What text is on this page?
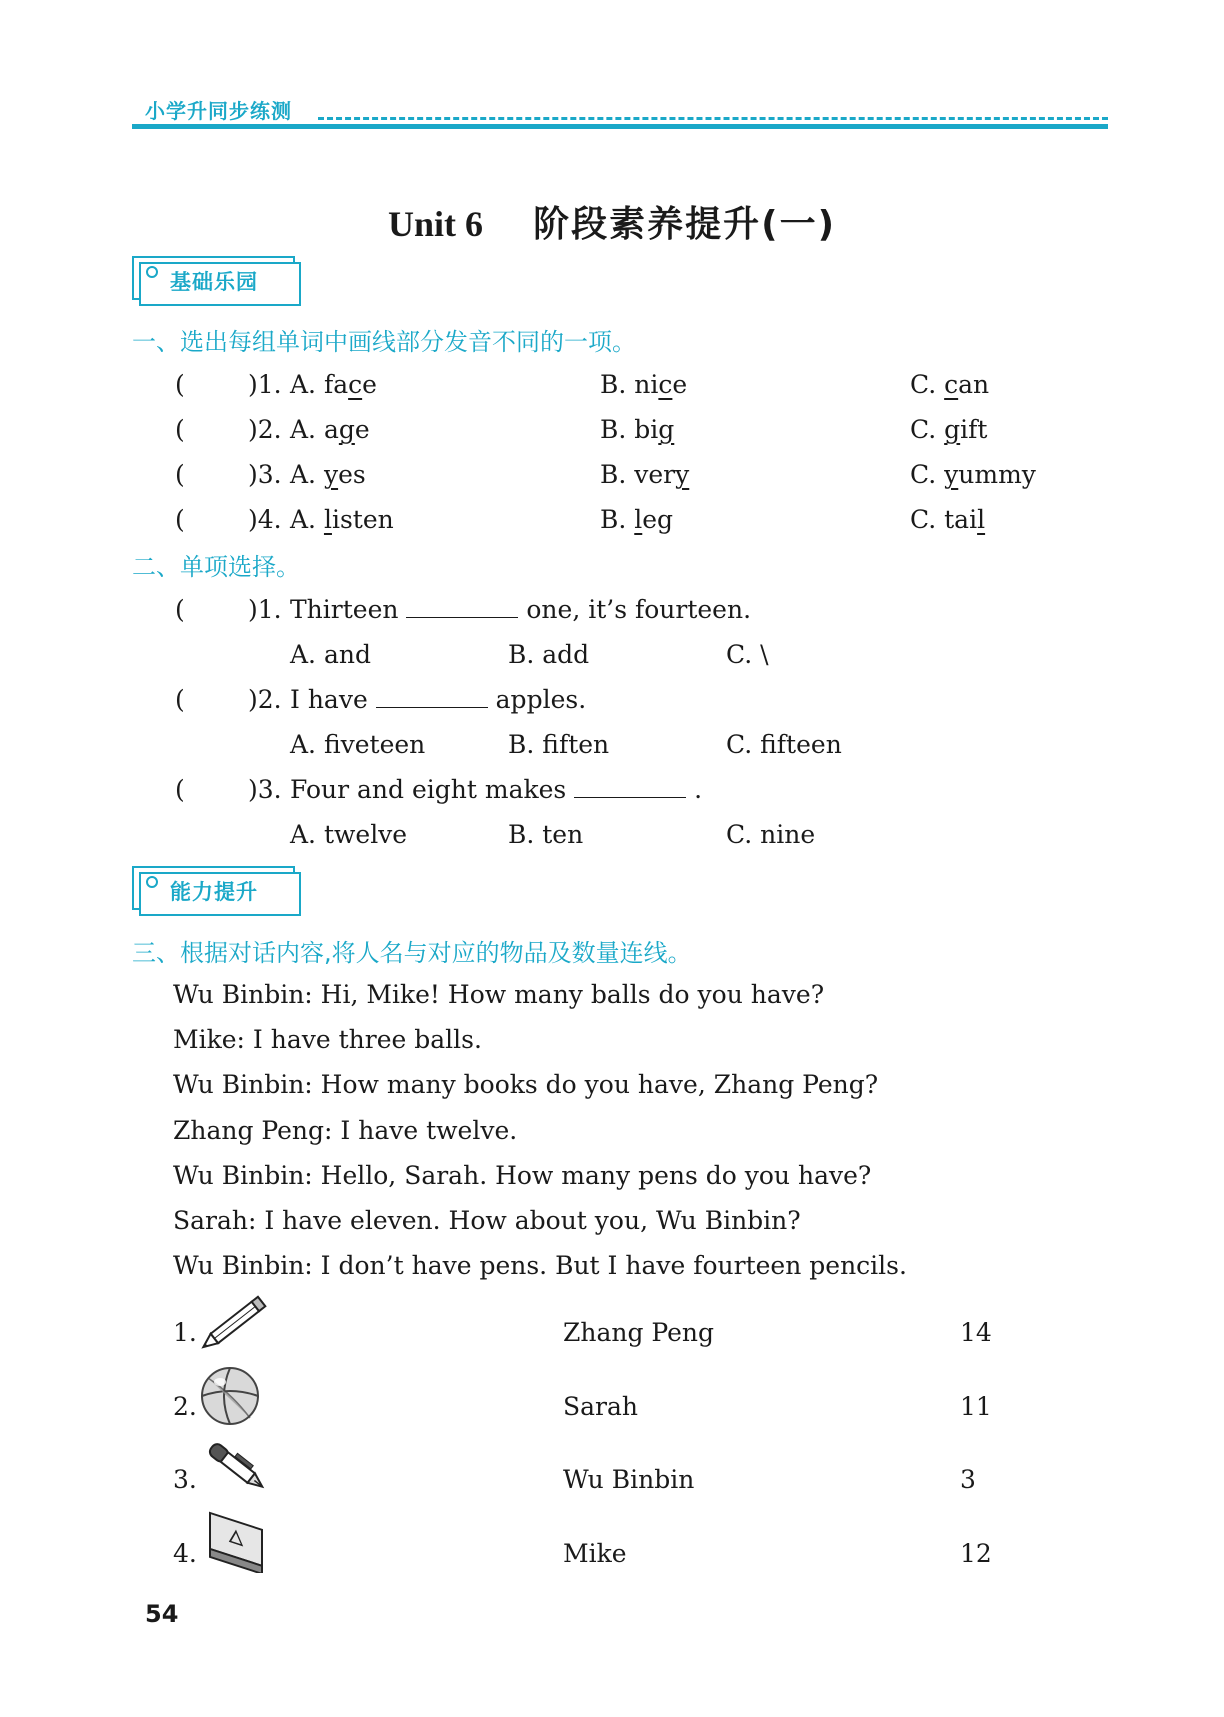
小学升同步练测
Unit 6 阶段素养提升(一)
基础乐园
一、选出每组单词中画线部分发音不同的一项。
(	)1. A. face	B. nice	C. can
(	)2. A. age	B. big	C. gift
(	)3. A. yes	B. very	C. yummy
(	)4. A. listen	B. leg	C. tail
二、单项选择。
(	)1. Thirteen	one, it’s fourteen.
A. and	B. add	C. \
(	)2. I have	apples.
A. fiveteen	B. fiften	C. fifteen
(	)3. Four and eight makes	.
A. twelve	B. ten	C. nine
能力提升
三、根据对话内容,将人名与对应的物品及数量连线。
Wu Binbin: Hi, Mike! How many balls do you have?
Mike: I have three balls.
Wu Binbin: How many books do you have, Zhang Peng?
Zhang Peng: I have twelve.
Wu Binbin: Hello, Sarah. How many pens do you have?
Sarah: I have eleven. How about you, Wu Binbin?
Wu Binbin: I don’t have pens. But I have fourteen pencils.
1.	Zhang Peng	14
2.	Sarah	11
3.	Wu Binbin	3
4.	Mike	12
54
